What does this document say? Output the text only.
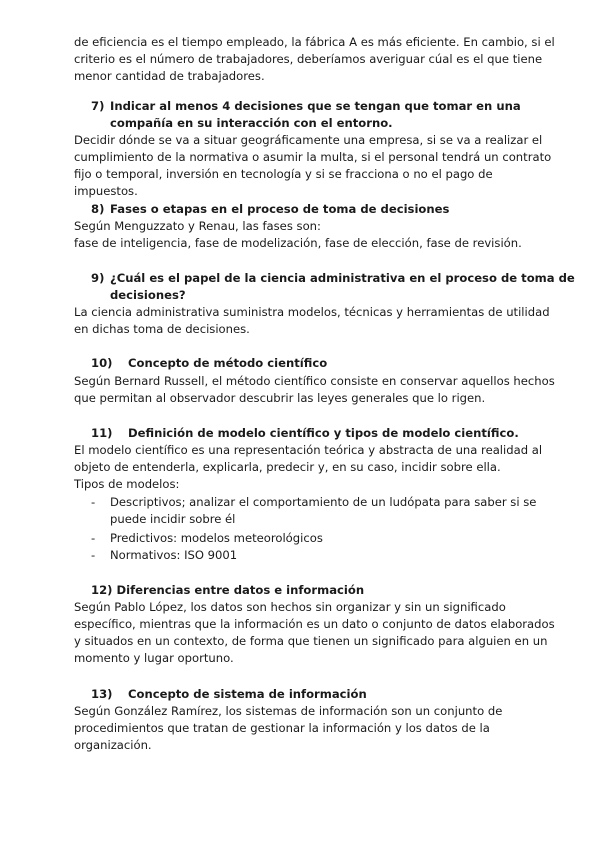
de eficiencia es el tiempo empleado, la fábrica A es más eficiente. En cambio, si el
criterio es el número de trabajadores, deberíamos averiguar cúal es el que tiene
menor cantidad de trabajadores.
7) Indicar al menos 4 decisiones que se tengan que tomar en una
compañía en su interacción con el entorno.
Decidir dónde se va a situar geográficamente una empresa, si se va a realizar el
cumplimiento de la normativa o asumir la multa, si el personal tendrá un contrato
fijo o temporal, inversión en tecnología y si se fracciona o no el pago de
impuestos.
8) Fases o etapas en el proceso de toma de decisiones
Según Menguzzato y Renau, las fases son:
fase de inteligencia, fase de modelización, fase de elección, fase de revisión.
9) ¿Cuál es el papel de la ciencia administrativa en el proceso de toma de
decisiones?
La ciencia administrativa suministra modelos, técnicas y herramientas de utilidad
en dichas toma de decisiones.
10) Concepto de método científico
Según Bernard Russell, el método científico consiste en conservar aquellos hechos
que permitan al observador descubrir las leyes generales que lo rigen.
11) Definición de modelo científico y tipos de modelo científico.
El modelo científico es una representación teórica y abstracta de una realidad al
objeto de entenderla, explicarla, predecir y, en su caso, incidir sobre ella.
Tipos de modelos:
- Descriptivos; analizar el comportamiento de un ludópata para saber si se
puede incidir sobre él
- Predictivos: modelos meteorológicos
- Normativos: ISO 9001
12) Diferencias entre datos e información
Según Pablo López, los datos son hechos sin organizar y sin un significado
específico, mientras que la información es un dato o conjunto de datos elaborados
y situados en un contexto, de forma que tienen un significado para alguien en un
momento y lugar oportuno.
13) Concepto de sistema de información
Según González Ramírez, los sistemas de información son un conjunto de
procedimientos que tratan de gestionar la información y los datos de la
organización.
